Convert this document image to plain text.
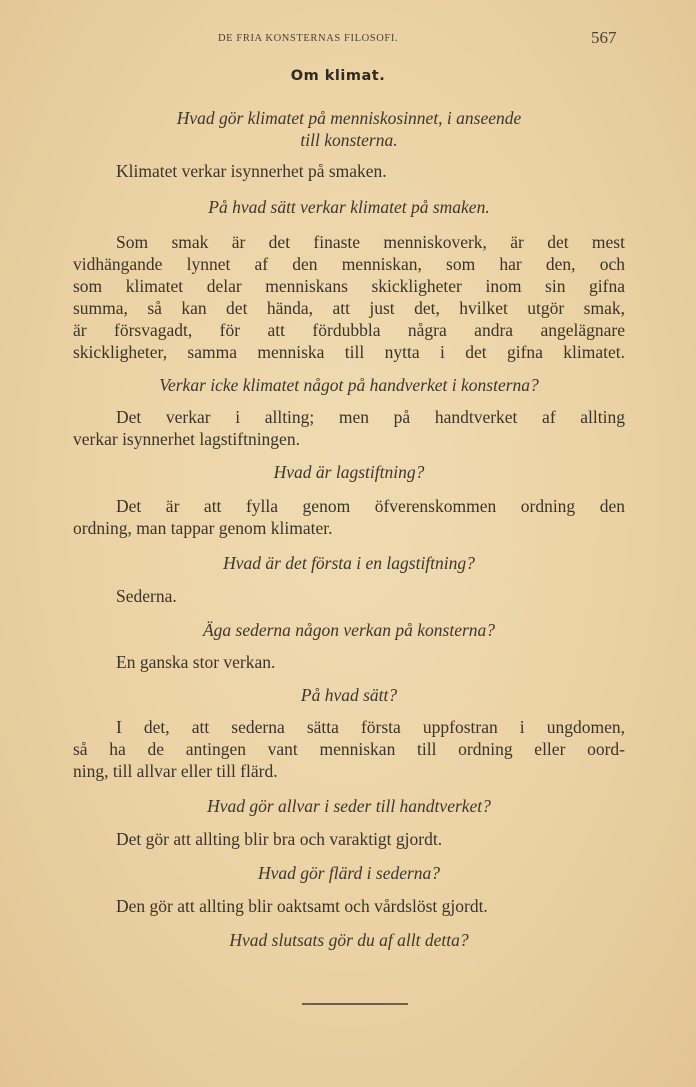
DE FRIA KONSTERNAS FILOSOFI.	567
Om klimat.
Hvad gör klimatet på menniskosinnet, i anseende
till konsterna.
Klimatet verkar isynnerhet på smaken.
På hvad sätt verkar klimatet på smaken.
Som smak är det finaste menniskoverk, är det mest
vidhängande lynnet af den menniskan, som har den, och
som klimatet delar menniskans skickligheter inom sin gifna
summa, så kan det hända, att just det, hvilket utgör smak,
är försvagadt, för att fördubbla några andra angelägnare
skickligheter, samma menniska till nytta i det gifna klimatet.
Verkar icke klimatet något på handverket i konsterna?
Det verkar i allting; men på handtverket af allting
verkar isynnerhet lagstiftningen.
Hvad är lagstiftning?
Det är att fylla genom öfverenskommen ordning den
ordning, man tappar genom klimater.
Hvad är det första i en lagstiftning?
Sederna.
Äga sederna någon verkan på konsterna?
En ganska stor verkan.
På hvad sätt?
I det, att sederna sätta första uppfostran i ungdomen,
så ha de antingen vant menniskan till ordning eller oord-
ning, till allvar eller till flärd.
Hvad gör allvar i seder till handtverket?
Det gör att allting blir bra och varaktigt gjordt.
Hvad gör flärd i sederna?
Den gör att allting blir oaktsamt och vårdslöst gjordt.
Hvad slutsats gör du af allt detta?
